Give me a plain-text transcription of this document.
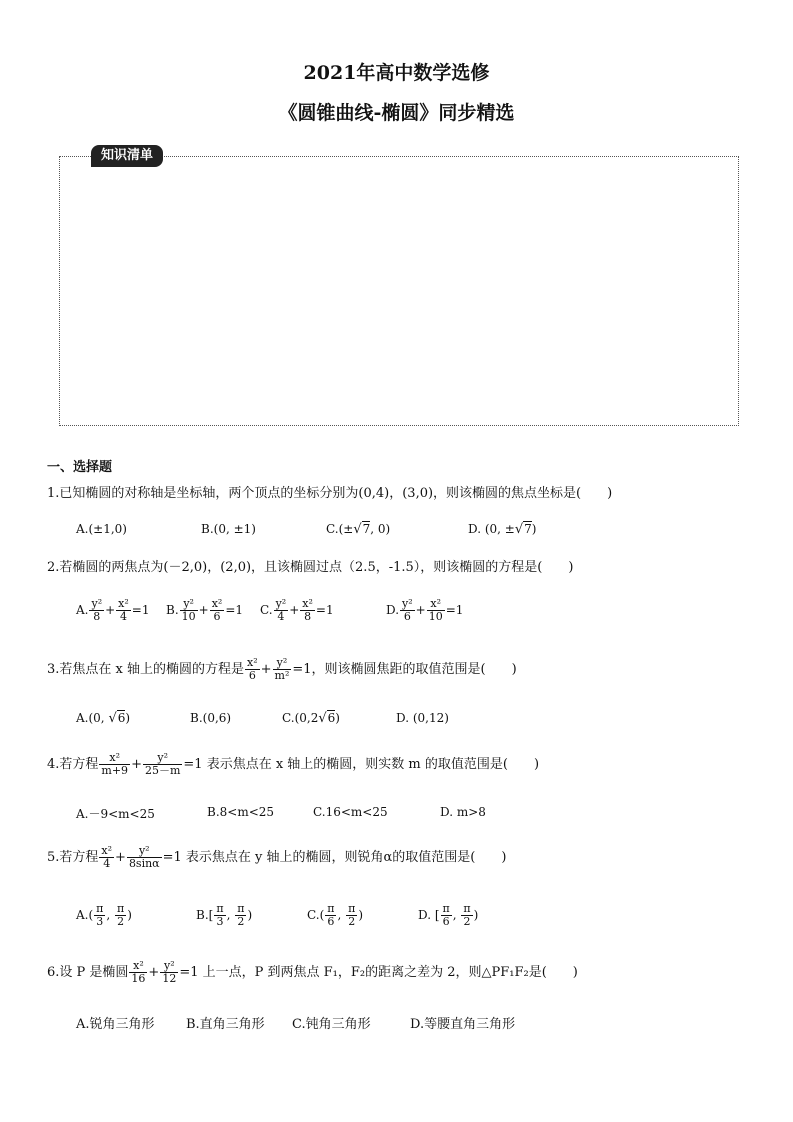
2021年高中数学选修
《圆锥曲线-椭圆》同步精选
知识清单
一、选择题
1.已知椭圆的对称轴是坐标轴，两个顶点的坐标分别为(0,4)，(3,0)，则该椭圆的焦点坐标是(　　)
A.(±1,0)	B.(0, ±1)	C.(±√7, 0)	D. (0, ±√7)
2.若椭圆的两焦点为(－2,0)，(2,0)，且该椭圆过点（2.5，-1.5），则该椭圆的方程是(　　)
A. $\frac{\text{y²}}{8} + \frac{\text{x²}}{4} =1$ B. $\frac{\text{y²}}{10} + \frac{\text{x²}}{6} =1$ C. $\frac{\text{y²}}{4} + \frac{\text{x²}}{8} =1$	D. $\frac{\text{y²}}{6} + \frac{\text{x²}}{10} =1$
3.若焦点在 x 轴上的椭圆的方程是 $\frac{\text{x²}}{6} + \frac{\text{y²}}{\text{m²}} =1$，则该椭圆焦距的取值范围是(　　)
A.(0, √6)	B.(0,6)	C.(0,2√6)	D. (0,12)
4.若方程 $\frac{\text{x²}}{m+9} + \frac{\text{y²}}{25-m} =1$ 表示焦点在 x 轴上的椭圆，则实数 m 的取值范围是(　　)
A.－9<m<25	B.8<m<25	C.16<m<25	D. m>8
5.若方程 $\frac{\text{x²}}{4} + \frac{\text{y²}}{8\sin\alpha} =1$ 表示焦点在 y 轴上的椭圆，则锐角α的取值范围是(　　)
$A.( \frac{\pi}{3}$ , $\frac{\pi}{2}$ )	$B.[ \frac{\pi}{3}$ , $\frac{\pi}{2}$ )	$C.( \frac{\pi}{6}$ , $\frac{\pi}{2}$ )	D. [ $\frac{\pi}{6}$ , $\frac{\pi}{2}$ )
6.设 P 是椭圆 $\frac{\text{x²}}{16} + \frac{\text{y²}}{12} =1$ 上一点，P 到两焦点 F₁，F₂的距离之差为 2，则△PF₁F₂是(　　)
A.锐角三角形 B.直角三角形 C.钝角三角形	D.等腰直角三角形
